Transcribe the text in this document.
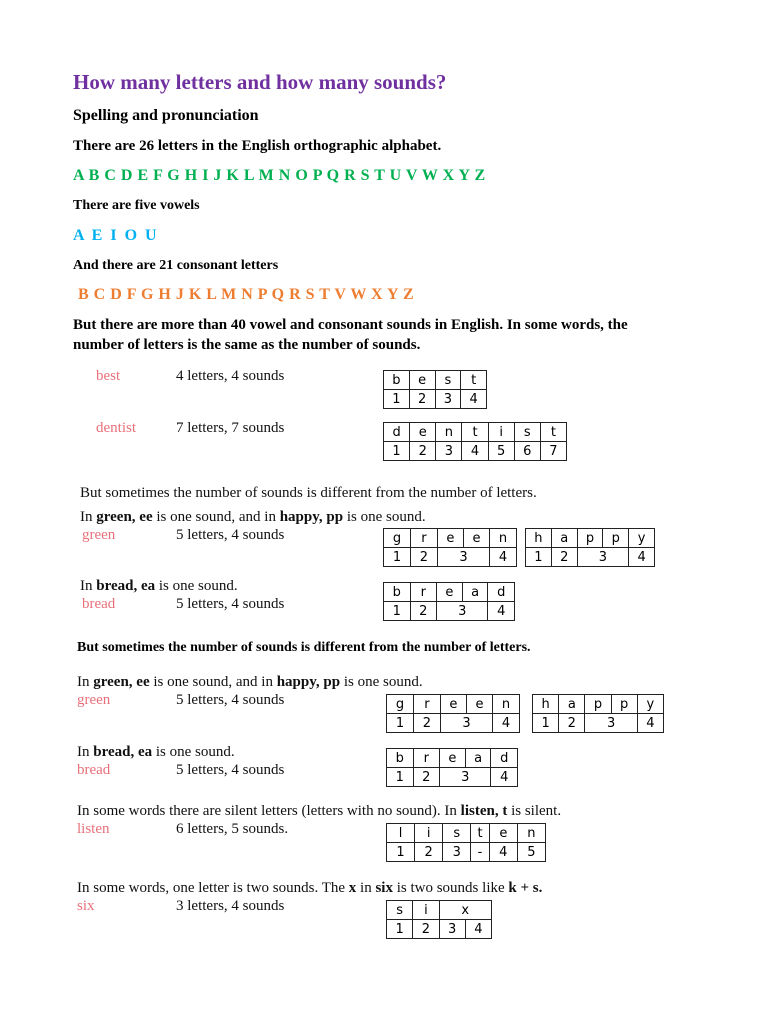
How many letters and how many sounds?
Spelling and pronunciation
There are 26 letters in the English orthographic alphabet.
A B C D E F G H I J K L M N O P Q R S T U V W X Y Z
There are five vowels
A E I O U
And there are 21 consonant letters
B C D F G H J K L M N P Q R S T V W X Y Z
But there are more than 40 vowel and consonant sounds in English. In some words, the
number of letters is the same as the number of sounds.
best	4 letters, 4 sounds	b	e	s	t
1	2	3	4
dentist	7 letters, 7 sounds	d	e	n	t	i	s	t
1	2	3	4	5	6	7
But sometimes the number of sounds is different from the number of letters.
In green, ee is one sound, and in happy, pp is one sound.
green	5 letters, 4 sounds	g	r	e	e	n
1	2	3		4
h	a	p	p	y
1	2	3		4
In bread, ea is one sound.
bread	5 letters, 4 sounds
b	r	e	a	d
1	2	3		4
But sometimes the number of sounds is different from the number of letters.
In green, ee is one sound, and in happy, pp is one sound.
green	5 letters, 4 sounds	g	r	e	e	n
1	2	3		4
h	a	p	p	y
1	2	3		4
In bread, ea is one sound.
bread	5 letters, 4 sounds
b	r	e	a	d
1	2	3		4
In some words there are silent letters (letters with no sound). In listen, t is silent.
listen	6 letters, 5 sounds.	l	i	s	t	e	n
1	2	3	-	4	5
In some words, one letter is two sounds. The x in six is two sounds like k + s.
six	3 letters, 4 sounds	s	i	x	
1	2	3	4
